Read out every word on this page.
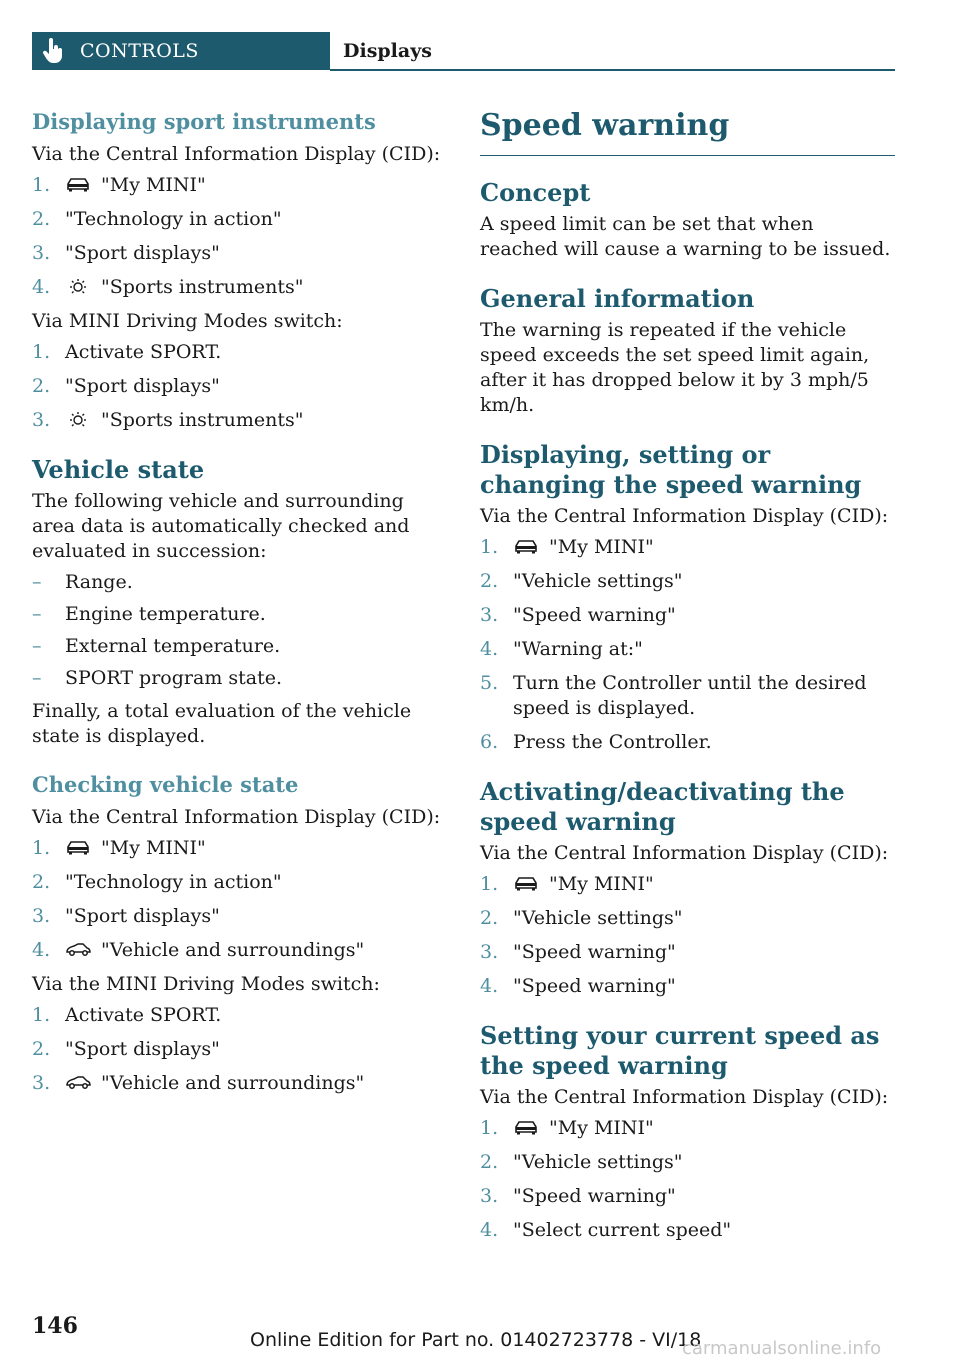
CONTROLS	Displays
Displaying sport instruments

Via the Central Information Display (CID):

1.	"My MINI"
2. "Technology in action"
3. "Sport displays"
4.	"Sports instruments"

Via MINI Driving Modes switch:

1. Activate SPORT.
2. "Sport displays"
3.	"Sports instruments"
Vehicle state

The following vehicle and surrounding area data is automatically checked and evaluated in succession:

– Range.
– Engine temperature.
– External temperature.
– SPORT program state.

Finally, a total evaluation of the vehicle state is displayed.

Checking vehicle state

Via the Central Information Display (CID):

1.	"My MINI"
2. "Technology in action"
3. "Sport displays"
4.	"Vehicle and surroundings"

Via the MINI Driving Modes switch:

1. Activate SPORT.
2. "Sport displays"
3.	"Vehicle and surroundings"
Speed warning
Concept

A speed limit can be set that when reached will cause a warning to be issued.

General information

The warning is repeated if the vehicle speed exceeds the set speed limit again, after it has dropped below it by 3 mph/5 km/h.

Displaying, setting or changing the speed warning

Via the Central Information Display (CID):

1.	"My MINI"
2. "Vehicle settings"
3. "Speed warning"
4. "Warning at:"
5. Turn the Controller until the desired speed is displayed.
6. Press the Controller.
Activating/deactivating the speed warning

Via the Central Information Display (CID):

1.	"My MINI"
2. "Vehicle settings"
3. "Speed warning"
4. "Speed warning"
Setting your current speed as the speed warning

Via the Central Information Display (CID):

1.	"My MINI"
2. "Vehicle settings"
3. "Speed warning"
4. "Select current speed"
146
Online Edition for Part no. 01402723778 - VI/18
carmanualsonline.info
